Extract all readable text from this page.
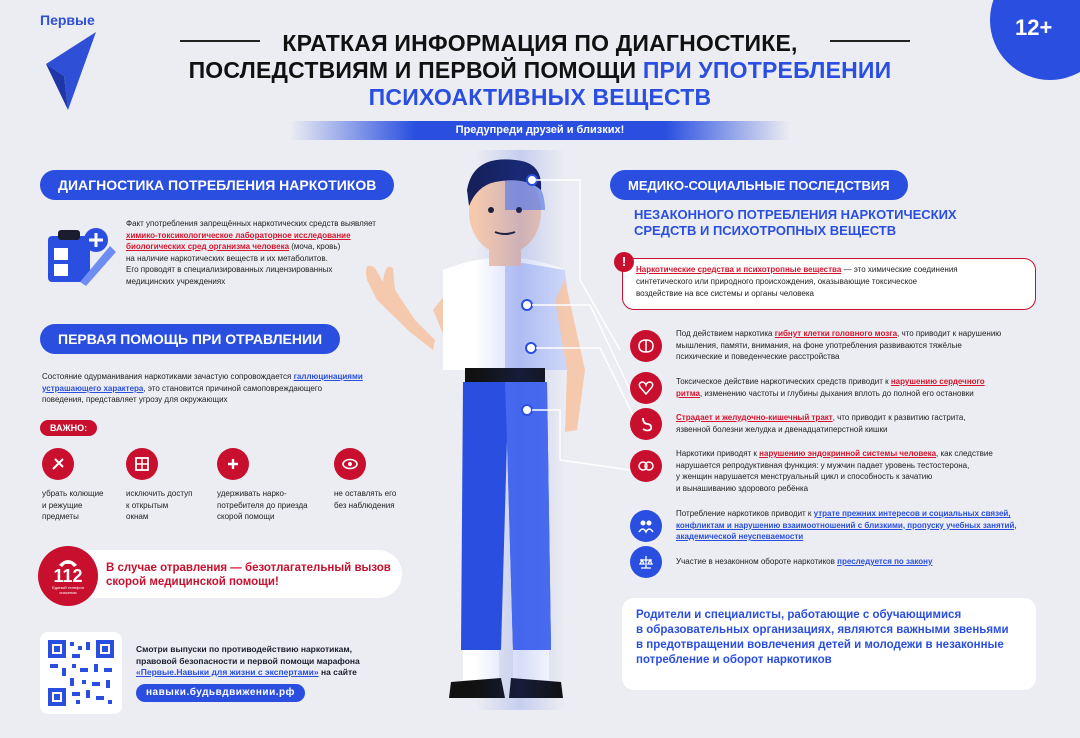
Первые	12+
КРАТКАЯ ИНФОРМАЦИЯ ПО ДИАГНОСТИКЕ,
ПОСЛЕДСТВИЯМ И ПЕРВОЙ ПОМОЩИ ПРИ УПОТРЕБЛЕНИИ
ПСИХОАКТИВНЫХ ВЕЩЕСТВ
Предупреди друзей и близких!
ДИАГНОСТИКА ПОТРЕБЛЕНИЯ НАРКОТИКОВ
Факт употребления запрещённых наркотических средств выявляет
химико-токсикологическое лабораторное исследование
биологических сред организма человека (моча, кровь)
на наличие наркотических веществ и их метаболитов.
Его проводят в специализированных лицензированных
медицинских учреждениях
ПЕРВАЯ ПОМОЩЬ ПРИ ОТРАВЛЕНИИ
Состояние одурманивания наркотиками зачастую сопровождается галлюцинациями
устрашающего характера, это становится причиной самоповреждающего
поведения, представляет угрозу для окружающих
ВАЖНО:
убрать колющие
и режущие
предметы
исключить доступ
к открытым
окнам
удерживать нарко-
потребителя до приезда
скорой помощи
не оставлять его
без наблюдения
112
Единый телефон спасения
В случае отравления — безотлагательный вызов
скорой медицинской помощи!
Смотри выпуски по противодействию наркотикам,
правовой безопасности и первой помощи марафона
«Первые.Навыки для жизни с экспертами» на сайте
навыки.будьвдвижении.рф
МЕДИКО-СОЦИАЛЬНЫЕ ПОСЛЕДСТВИЯ
НЕЗАКОННОГО ПОТРЕБЛЕНИЯ НАРКОТИЧЕСКИХ
СРЕДСТВ И ПСИХОТРОПНЫХ ВЕЩЕСТВ
!
Наркотические средства и психотропные вещества — это химические соединения
синтетического или природного происхождения, оказывающие токсическое
воздействие на все системы и органы человека
Под действием наркотика гибнут клетки головного мозга, что приводит к нарушению
мышления, памяти, внимания, на фоне употребления развиваются тяжёлые
психические и поведенческие расстройства
Токсическое действие наркотических средств приводит к нарушению сердечного
ритма, изменению частоты и глубины дыхания вплоть до полной его остановки
Страдает и желудочно-кишечный тракт, что приводит к развитию гастрита,
язвенной болезни желудка и двенадцатиперстной кишки
Наркотики приводят к нарушению эндокринной системы человека, как следствие
нарушается репродуктивная функция: у мужчин падает уровень тестостерона,
у женщин нарушается менструальный цикл и способность к зачатию
и вынашиванию здорового ребёнка
Потребление наркотиков приводит к утрате прежних интересов и социальных связей,
конфликтам и нарушению взаимоотношений с близкими, пропуску учебных занятий,
академической неуспеваемости
Участие в незаконном обороте наркотиков преследуется по закону
Родители и специалисты, работающие с обучающимися
в образовательных организациях, являются важными звеньями
в предотвращении вовлечения детей и молодежи в незаконные
потребление и оборот наркотиков
